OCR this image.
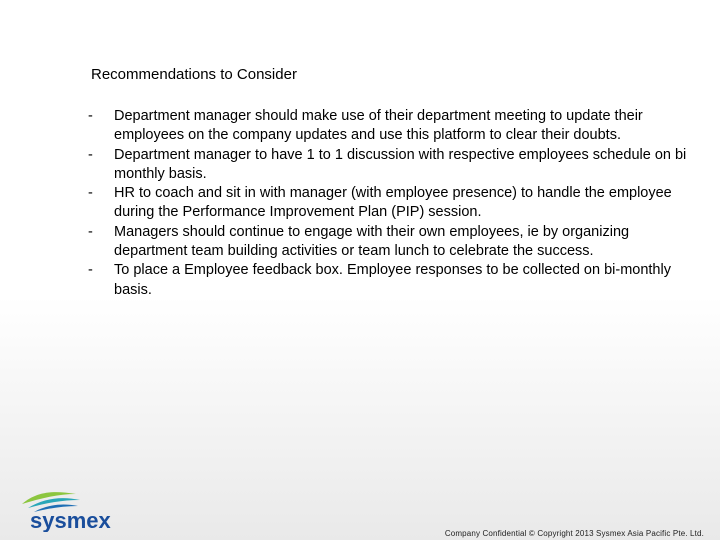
Recommendations to Consider
- Department manager should make use of their department meeting to update their employees on the company updates and use this platform to clear their doubts.
- Department manager to have 1 to 1 discussion with respective employees schedule on bi monthly basis.
- HR to coach and sit in with manager (with employee presence) to handle the employee during the Performance Improvement Plan (PIP) session.
- Managers should continue to engage with their own employees, ie by organizing department team building activities or team lunch to celebrate the success.
- To place a Employee feedback box. Employee responses to be collected on bi-monthly basis.
sysmex
Company Confidential © Copyright 2013 Sysmex Asia Pacific Pte. Ltd.
